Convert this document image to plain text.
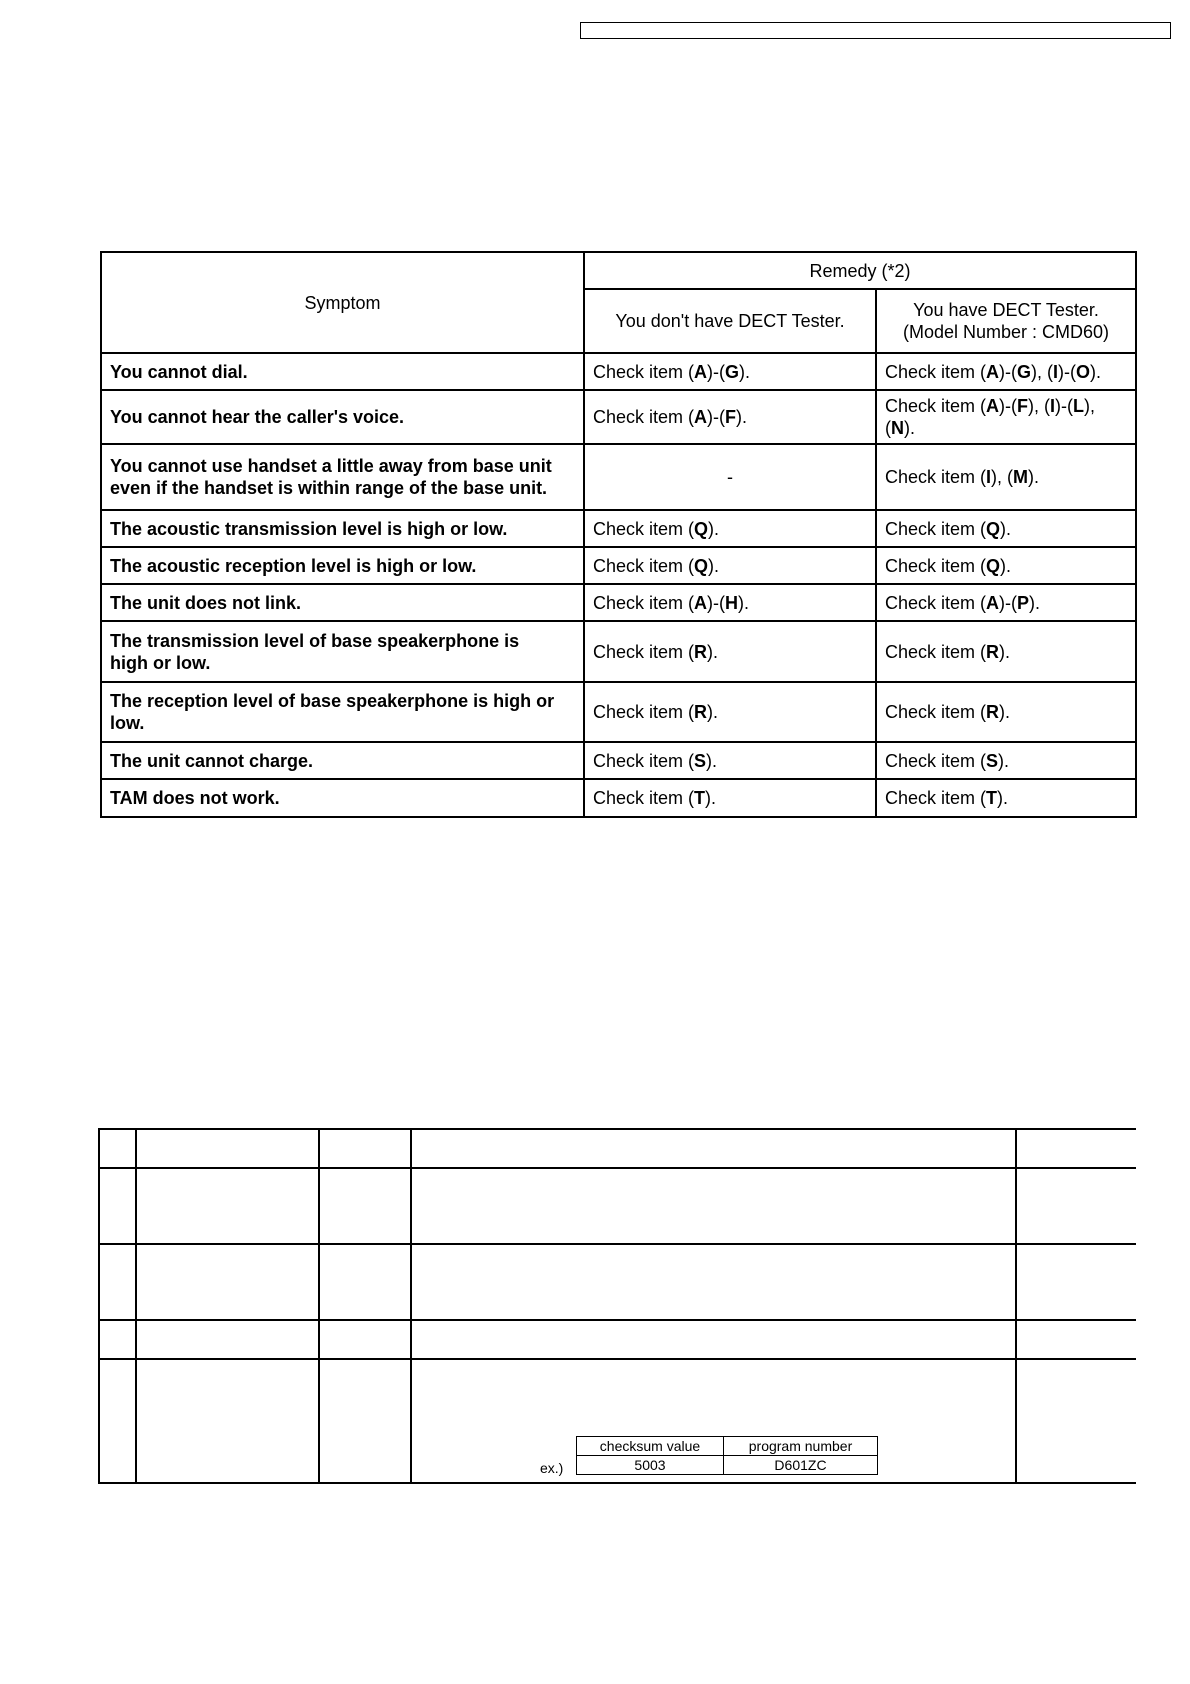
Symptom	Remedy (*2)	
	You don't have DECT Tester.	You have DECT Tester.
(Model Number : CMD60)

You cannot dial.	Check item (A)-(G).	Check item (A)-(G), (I)-(O).
You cannot hear the caller's voice.	Check item (A)-(F).	Check item (A)-(F), (I)-(L), (N).

You cannot use handset a little away from base unit
even if the handset is within range of the base unit.	-	Check item (I), (M).
The acoustic transmission level is high or low.	Check item (Q).	Check item (Q).
The acoustic reception level is high or low.	Check item (Q).	Check item (Q).
The unit does not link.	Check item (A)-(H).	Check item (A)-(P).

The transmission level of base speakerphone is
high or low.	Check item (R).	Check item (R).

The reception level of base speakerphone is high or
low.	Check item (R).	Check item (R).
The unit cannot charge.	Check item (S).	Check item (S).
TAM does not work.	Check item (T).	Check item (T).

ex.)
checksum value	program number
5003	D601ZC
